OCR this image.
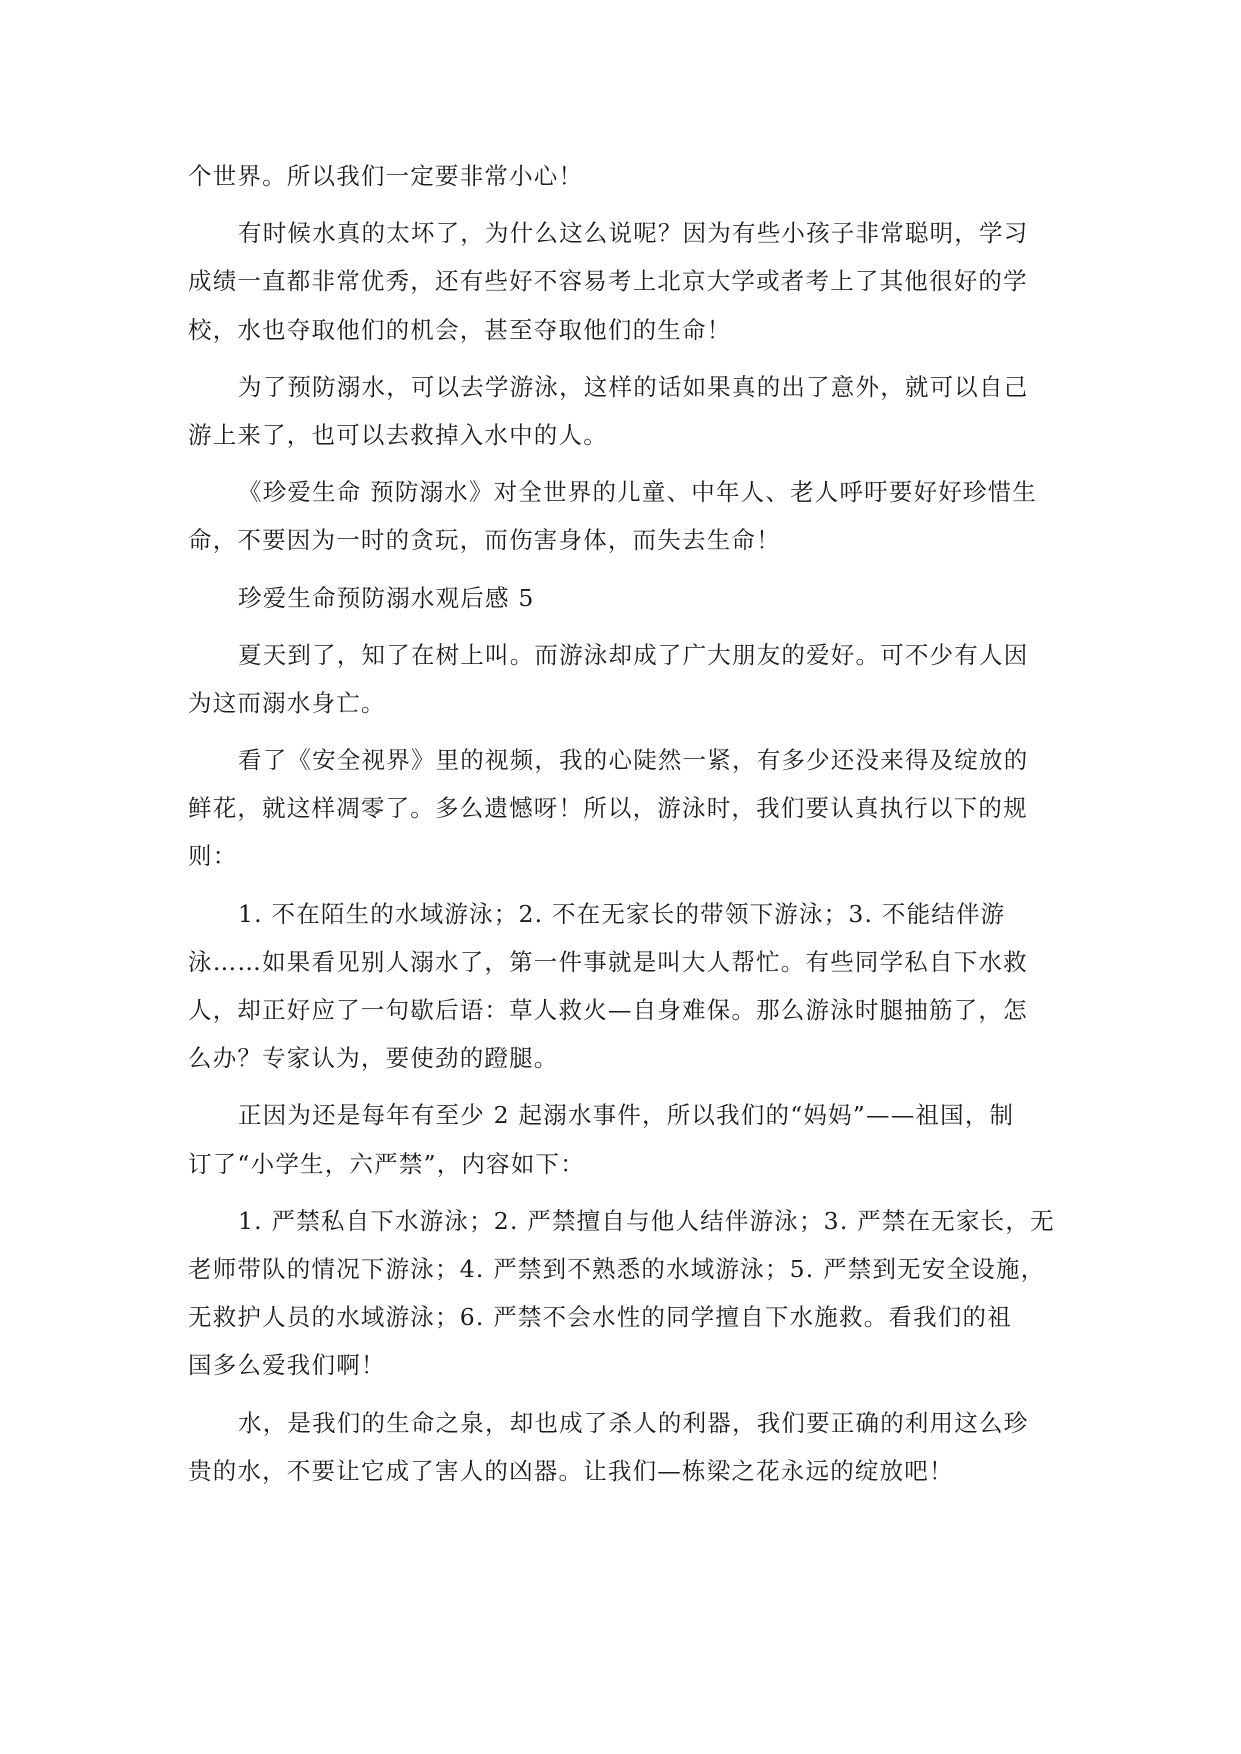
个世界。所以我们一定要非常小心！
有时候水真的太坏了，为什么这么说呢？因为有些小孩子非常聪明，学习
成绩一直都非常优秀，还有些好不容易考上北京大学或者考上了其他很好的学
校，水也夺取他们的机会，甚至夺取他们的生命！
为了预防溺水，可以去学游泳，这样的话如果真的出了意外，就可以自己
游上来了，也可以去救掉入水中的人。
《珍爱生命 预防溺水》对全世界的儿童、中年人、老人呼吁要好好珍惜生
命，不要因为一时的贪玩，而伤害身体，而失去生命！
珍爱生命预防溺水观后感 5
夏天到了，知了在树上叫。而游泳却成了广大朋友的爱好。可不少有人因
为这而溺水身亡。
看了《安全视界》里的视频，我的心陡然一紧，有多少还没来得及绽放的
鲜花，就这样凋零了。多么遗憾呀！所以，游泳时，我们要认真执行以下的规
则：
1. 不在陌生的水域游泳；2. 不在无家长的带领下游泳；3. 不能结伴游
泳……如果看见别人溺水了，第一件事就是叫大人帮忙。有些同学私自下水救
人，却正好应了一句歇后语：草人救火—自身难保。那么游泳时腿抽筋了，怎
么办？专家认为，要使劲的蹬腿。
正因为还是每年有至少 2 起溺水事件，所以我们的“妈妈”——祖国，制
订了“小学生，六严禁”，内容如下：
1. 严禁私自下水游泳；2. 严禁擅自与他人结伴游泳；3. 严禁在无家长，无
老师带队的情况下游泳；4. 严禁到不熟悉的水域游泳；5. 严禁到无安全设施，
无救护人员的水域游泳；6. 严禁不会水性的同学擅自下水施救。看我们的祖
国多么爱我们啊！
水，是我们的生命之泉，却也成了杀人的利器，我们要正确的利用这么珍
贵的水，不要让它成了害人的凶器。让我们—栋梁之花永远的绽放吧！
